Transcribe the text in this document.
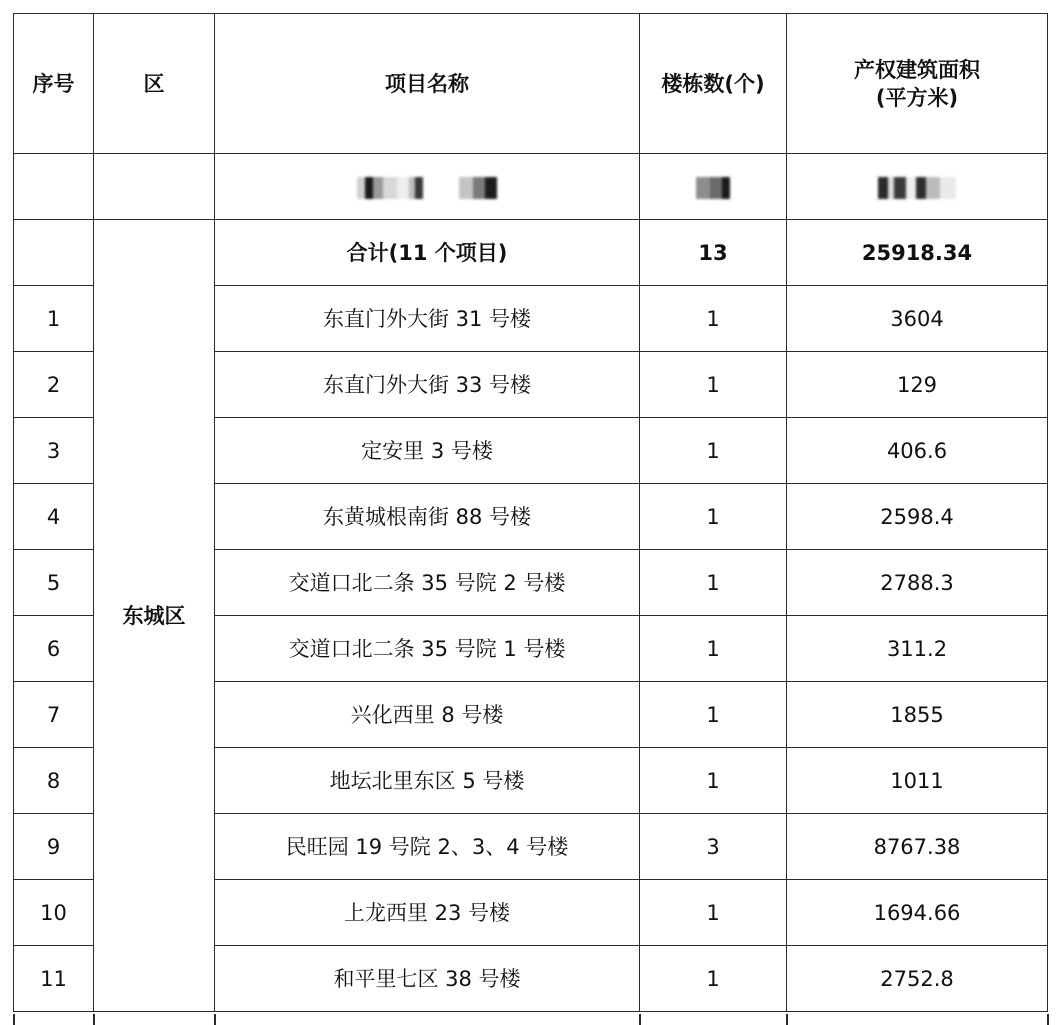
序号	区	项目名称	楼栋数(个)	产权建筑面积
(平方米)

	东城区	合计(11 个项目)	13	25918.34
1		东直门外大街 31 号楼	1	3604
2		东直门外大街 33 号楼	1	129
3		定安里 3 号楼	1	406.6
4		东黄城根南街 88 号楼	1	2598.4
5		交道口北二条 35 号院 2 号楼	1	2788.3
6		交道口北二条 35 号院 1 号楼	1	311.2
7		兴化西里 8 号楼	1	1855
8		地坛北里东区 5 号楼	1	1011
9		民旺园 19 号院 2、3、4 号楼	3	8767.38
10		上龙西里 23 号楼	1	1694.66
11		和平里七区 38 号楼	1	2752.8
